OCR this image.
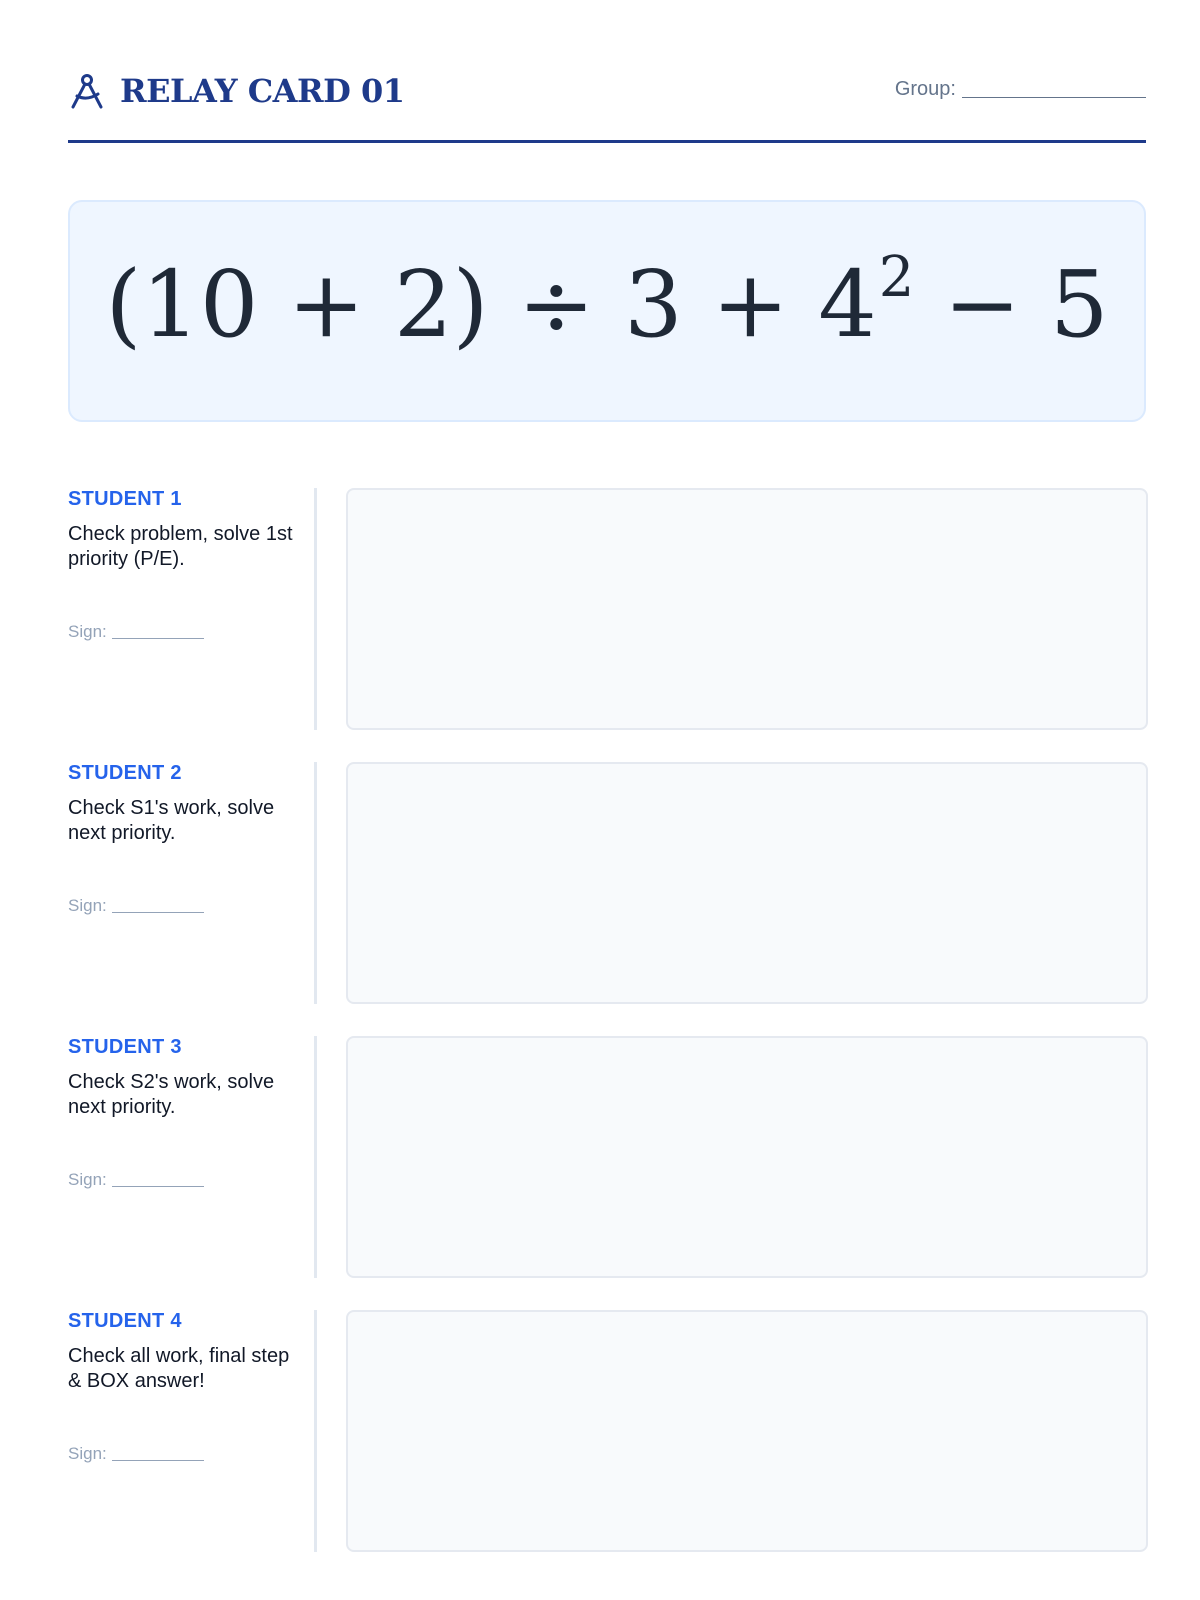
RELAY CARD 01	Group:
$(10 + 2) \div 3 + 4^2 - 5$
STUDENT 1
Check problem, solve 1st priority (P/E).
Sign:
STUDENT 2
Check S1's work, solve next priority.
Sign:
STUDENT 3
Check S2's work, solve next priority.
Sign:
STUDENT 4
Check all work, final step & BOX answer!
Sign:
